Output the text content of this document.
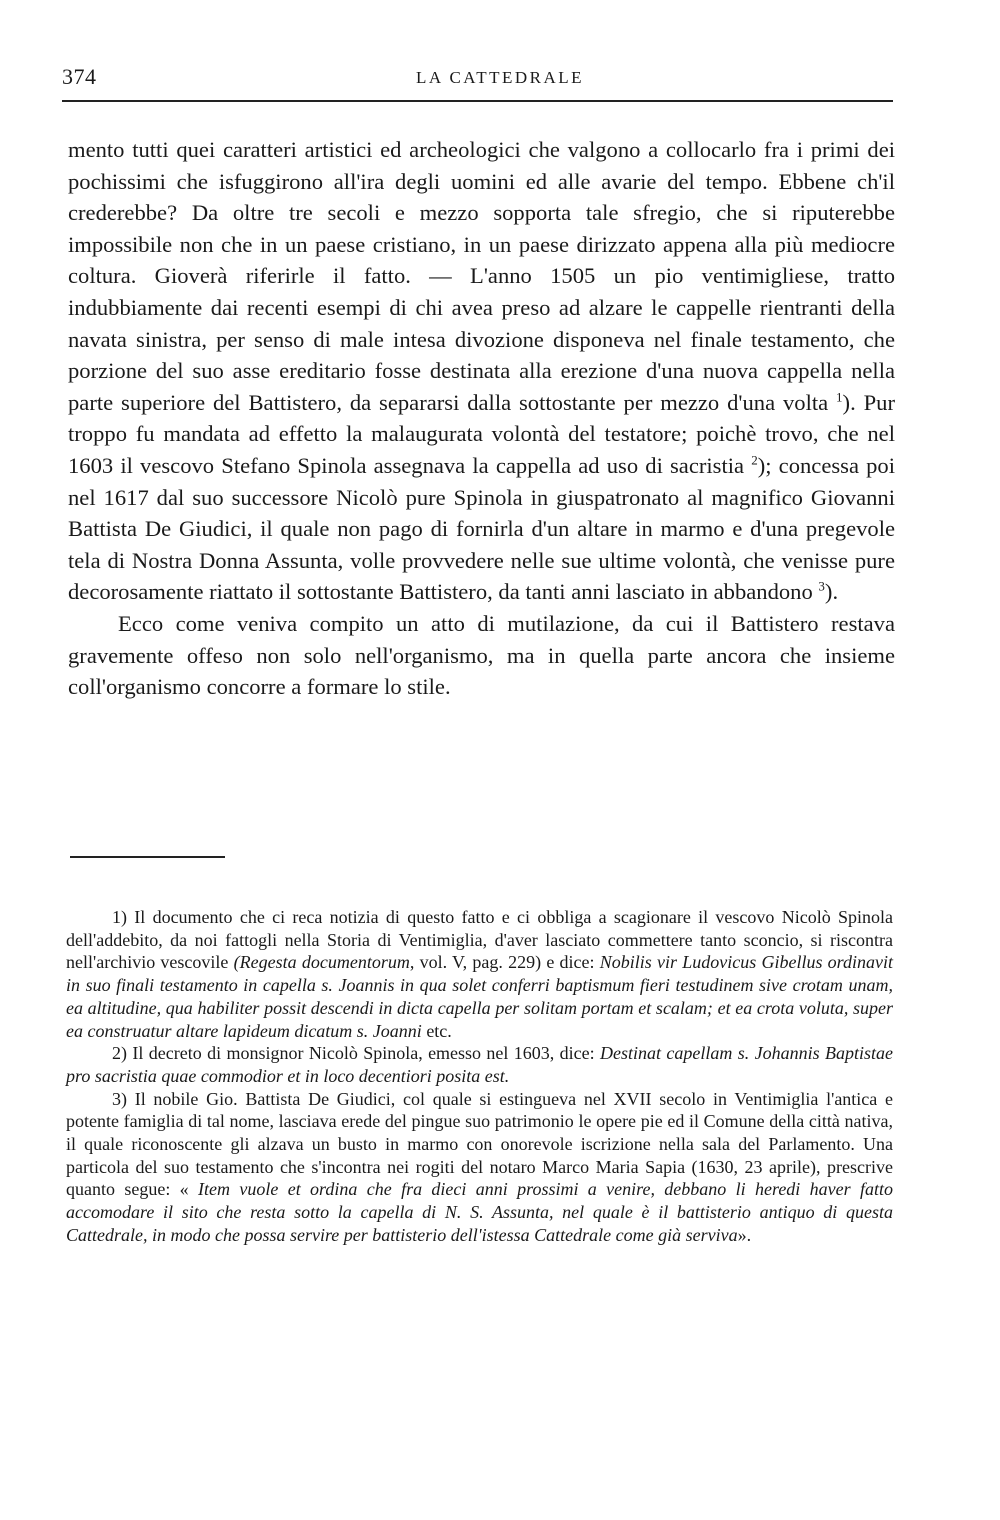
374	LA CATTEDRALE

mento tutti quei caratteri artistici ed archeologici che valgono a collocarlo fra i primi dei pochissimi che isfuggirono all'ira degli uomini ed alle avarie del tempo. Ebbene ch'il crederebbe? Da oltre tre secoli e mezzo sopporta tale sfregio, che si riputerebbe impossibile non che in un paese cristiano, in un paese dirizzato appena alla più mediocre coltura. Gioverà riferirle il fatto. — L'anno 1505 un pio ventimigliese, tratto indubbiamente dai recenti esempi di chi avea preso ad alzare le cappelle rientranti della navata sinistra, per senso di male intesa divozione disponeva nel finale testamento, che porzione del suo asse ereditario fosse destinata alla erezione d'una nuova cappella nella parte superiore del Battistero, da separarsi dalla sottostante per mezzo d'una volta $^1$). Pur troppo fu mandata ad effetto la malaugurata volontà del testatore; poichè trovo, che nel 1603 il vescovo Stefano Spinola assegnava la cappella ad uso di sacristia $^2$); concessa poi nel 1617 dal suo successore Nicolò pure Spinola in giuspatronato al magnifico Giovanni Battista De Giudici, il quale non pago di fornirla d'un altare in marmo e d'una pregevole tela di Nostra Donna Assunta, volle provvedere nelle sue ultime volontà, che venisse pure decorosamente riattato il sottostante Battistero, da tanti anni lasciato in abbandono $^3$).

Ecco come veniva compito un atto di mutilazione, da cui il Battistero restava gravemente offeso non solo nell'organismo, ma in quella parte ancora che insieme coll'organismo concorre a formare lo stile.

1) Il documento che ci reca notizia di questo fatto e ci obbliga a scagionare il vescovo Nicolò Spinola dell'addebito, da noi fattogli nella Storia di Ventimiglia, d'aver lasciato commettere tanto sconcio, si riscontra nell'archivio vescovile (Regesta documentorum, vol. V, pag. 229) e dice: Nobilis vir Ludovicus Gibellus ordinavit in suo finali testamento in capella s. Joannis in qua solet conferri baptismum fieri testudinem sive crotam unam, ea altitudine, qua habiliter possit descendi in dicta capella per solitam portam et scalam; et ea crota voluta, super ea construatur altare lapideum dicatum s. Joanni etc.

2) Il decreto di monsignor Nicolò Spinola, emesso nel 1603, dice: Destinat capellam s. Johannis Baptistae pro sacristia quae commodior et in loco decentiori posita est.

3) Il nobile Gio. Battista De Giudici, col quale si estingueva nel XVII secolo in Ventimiglia l'antica e potente famiglia di tal nome, lasciava erede del pingue suo patrimonio le opere pie ed il Comune della città nativa, il quale riconoscente gli alzava un busto in marmo con onorevole iscrizione nella sala del Parlamento. Una particola del suo testamento che s'incontra nei rogiti del notaro Marco Maria Sapia (1630, 23 aprile), prescrive quanto segue: « Item vuole et ordina che fra dieci anni prossimi a venire, debbano li heredi haver fatto accomodare il sito che resta sotto la capella di N. S. Assunta, nel quale è il battisterio antiquo di questa Cattedrale, in modo che possa servire per battisterio dell'istessa Cattedrale come già serviva».
